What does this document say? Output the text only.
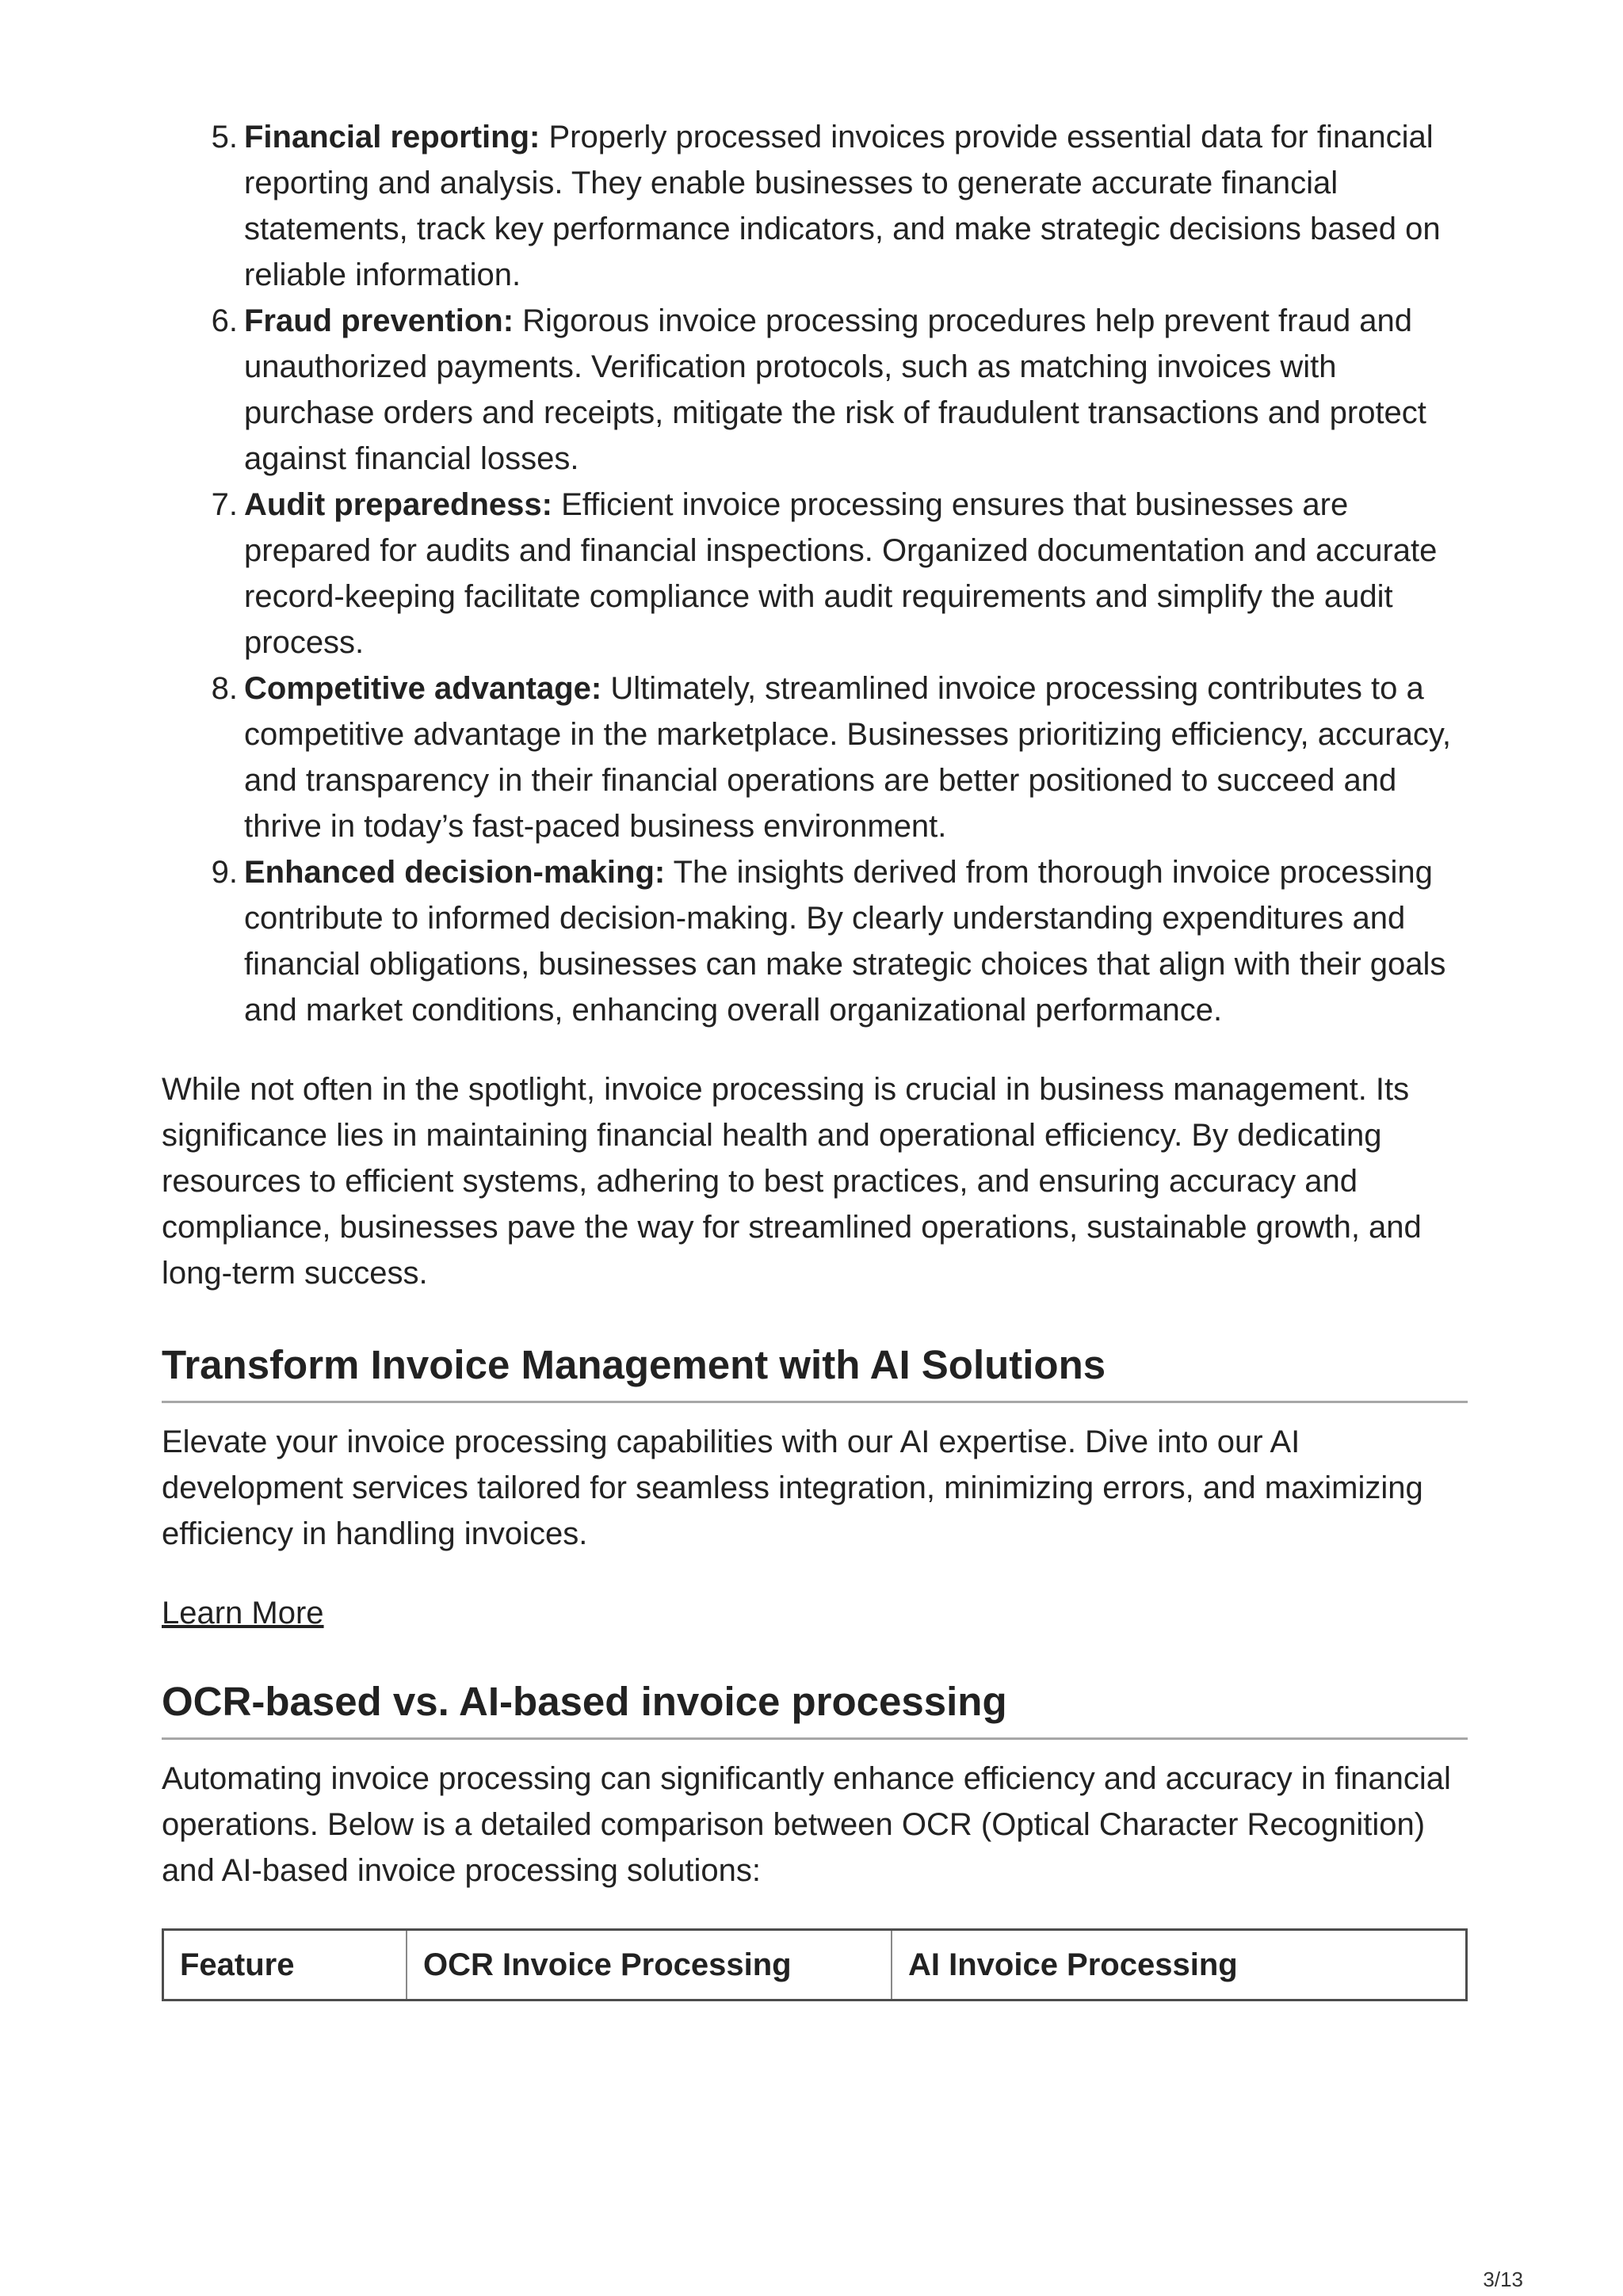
5. Financial reporting: Properly processed invoices provide essential data for financial reporting and analysis. They enable businesses to generate accurate financial statements, track key performance indicators, and make strategic decisions based on reliable information.
6. Fraud prevention: Rigorous invoice processing procedures help prevent fraud and unauthorized payments. Verification protocols, such as matching invoices with purchase orders and receipts, mitigate the risk of fraudulent transactions and protect against financial losses.
7. Audit preparedness: Efficient invoice processing ensures that businesses are prepared for audits and financial inspections. Organized documentation and accurate record-keeping facilitate compliance with audit requirements and simplify the audit process.
8. Competitive advantage: Ultimately, streamlined invoice processing contributes to a competitive advantage in the marketplace. Businesses prioritizing efficiency, accuracy, and transparency in their financial operations are better positioned to succeed and thrive in today’s fast-paced business environment.
9. Enhanced decision-making: The insights derived from thorough invoice processing contribute to informed decision-making. By clearly understanding expenditures and financial obligations, businesses can make strategic choices that align with their goals and market conditions, enhancing overall organizational performance.

While not often in the spotlight, invoice processing is crucial in business management. Its significance lies in maintaining financial health and operational efficiency. By dedicating resources to efficient systems, adhering to best practices, and ensuring accuracy and compliance, businesses pave the way for streamlined operations, sustainable growth, and long-term success.

Transform Invoice Management with AI Solutions

Elevate your invoice processing capabilities with our AI expertise. Dive into our AI development services tailored for seamless integration, minimizing errors, and maximizing efficiency in handling invoices.

Learn More
OCR-based vs. AI-based invoice processing

Automating invoice processing can significantly enhance efficiency and accuracy in financial operations. Below is a detailed comparison between OCR (Optical Character Recognition) and AI-based invoice processing solutions:

Feature	OCR Invoice Processing	AI Invoice Processing
3/13
